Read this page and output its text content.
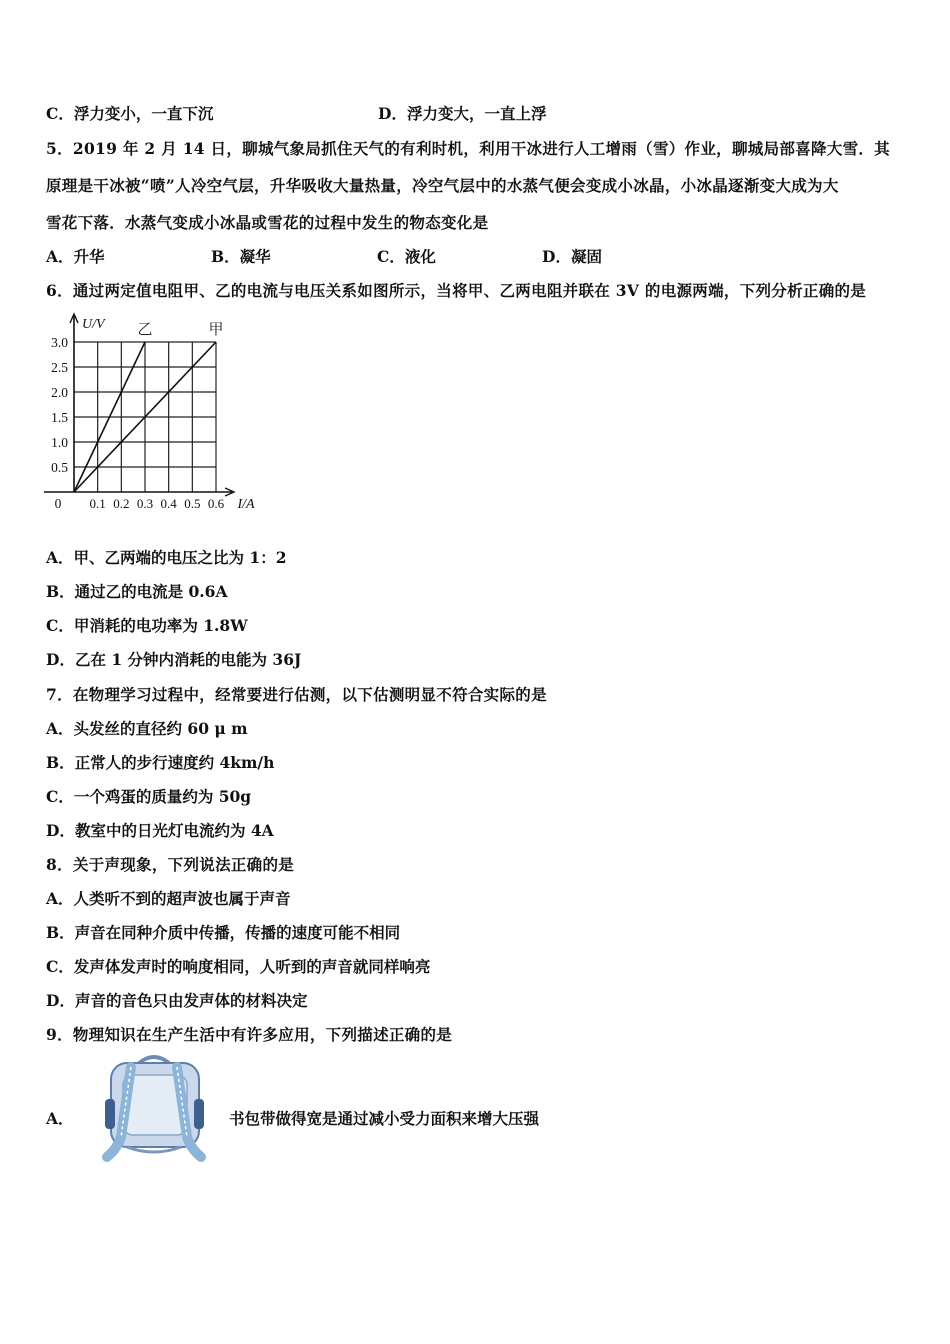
C．浮力变小，一直下沉	D．浮力变大，一直上浮
5．2019 年 2 月 14 日，聊城气象局抓住天气的有利时机，利用干冰进行人工增雨（雪）作业，聊城局部喜降大雪．其
原理是干冰被“喷”人冷空气层，升华吸收大量热量，冷空气层中的水蒸气便会变成小冰晶，小冰晶逐渐变大成为大
雪花下落．水蒸气变成小冰晶或雪花的过程中发生的物态变化是
A．升华	B．凝华	C．液化	D．凝固
6．通过两定值电阻甲、乙的电流与电压关系如图所示，当将甲、乙两电阻并联在 3V 的电源两端，下列分析正确的是
乙	甲
0.1 0.2 0.3 0.4 0.5 0.6
0.5
1.0
1.5
2.0
2.5
3.0
0	I/A
U/V
A．甲、乙两端的电压之比为 1：2
B．通过乙的电流是 0.6A
C．甲消耗的电功率为 1.8W
D．乙在 1 分钟内消耗的电能为 36J
7．在物理学习过程中，经常要进行估测，以下估测明显不符合实际的是
A．头发丝的直径约 60 μ m
B．正常人的步行速度约 4km/h
C．一个鸡蛋的质量约为 50g
D．教室中的日光灯电流约为 4A
8．关于声现象，下列说法正确的是
A．人类听不到的超声波也属于声音
B．声音在同种介质中传播，传播的速度可能不相同
C．发声体发声时的响度相同，人听到的声音就同样响亮
D．声音的音色只由发声体的材料决定
9．物理知识在生产生活中有许多应用，下列描述正确的是
A．	书包带做得宽是通过减小受力面积来增大压强
